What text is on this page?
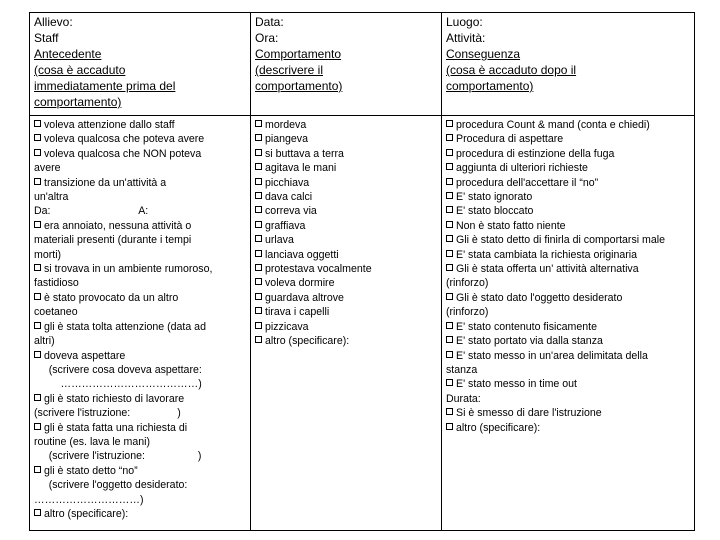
Allievo:
Staff
Antecedente
(cosa è accaduto
immediatamente prima del
comportamento)
Data:
Ora:
Comportamento
(descrivere il
comportamento)
Luogo:
Attività:
Conseguenza
(cosa è accaduto dopo il
comportamento)
voleva attenzione dallo staff
voleva qualcosa che poteva avere
voleva qualcosa che NON poteva
avere
transizione da un'attività a
un'altra
Da:                              A:
era annoiato, nessuna attività o
materiali presenti (durante i tempi
morti)
si trovava in un ambiente rumoroso,
fastidioso
è stato provocato da un altro
coetaneo
gli è stata tolta attenzione (data ad
altri)
doveva aspettare
(scrivere cosa doveva aspettare:
…………………………………)
gli è stato richiesto di lavorare
(scrivere l'istruzione:                )
gli è stata fatta una richiesta di
routine (es. lava le mani)
(scrivere l'istruzione:                  )
gli è stato detto “no”
(scrivere l'oggetto desiderato:
…………………………)
altro (specificare):
mordeva
piangeva
si buttava a terra
agitava le mani
picchiava
dava calci
correva via
graffiava
urlava
lanciava oggetti
protestava vocalmente
voleva dormire
guardava altrove
tirava i capelli
pizzicava
altro (specificare):
procedura Count & mand (conta e chiedi)
Procedura di aspettare
procedura di estinzione della fuga
aggiunta di ulteriori richieste
procedura dell'accettare il “no”
E' stato ignorato
E' stato bloccato
Non è stato fatto niente
Gli è stato detto di finirla di comportarsi male
E' stata cambiata la richiesta originaria
Gli è stata offerta un' attività alternativa
(rinforzo)
Gli è stato dato l'oggetto desiderato
(rinforzo)
E' stato contenuto fisicamente
E' stato portato via dalla stanza
E' stato messo in un'area delimitata della
stanza
E' stato messo in time out
Durata:
Si è smesso di dare l'istruzione
altro (specificare):
